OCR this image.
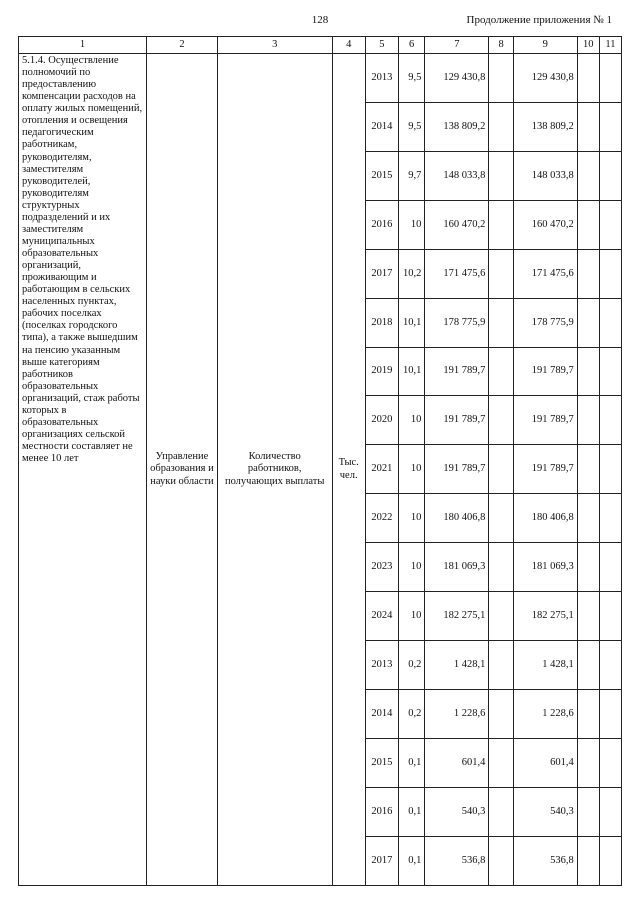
128	Продолжение приложения № 1
1	2	3	4	5	6	7	8	9	10	11
5.1.4. Осуществление полномочий по предоставлению компенсации расходов на оплату жилых помещений, отопления и освещения педагогическим работникам, руководителям, заместителям руководителей, руководителям структурных подразделений и их заместителям муниципальных образовательных организаций, проживающим и работающим в сельских населенных пунктах, рабочих поселках (поселках городского типа), а также вышедшим на пенсию указанным выше категориям работников образовательных организаций, стаж работы которых в образовательных организациях сельской местности составляет не менее 10 лет	Управление образования и науки области	Количество работников, получающих выплаты	Тыс. чел.	2013	9,5	129 430,8		129 430,8		
				2014	9,5	138 809,2		138 809,2		
				2015	9,7	148 033,8		148 033,8		
				2016	10	160 470,2		160 470,2		
				2017	10,2	171 475,6		171 475,6		
				2018	10,1	178 775,9		178 775,9		
				2019	10,1	191 789,7		191 789,7		
				2020	10	191 789,7		191 789,7		
				2021	10	191 789,7		191 789,7		
				2022	10	180 406,8		180 406,8		
				2023	10	181 069,3		181 069,3		
				2024	10	182 275,1		182 275,1		
				2013	0,2	1 428,1		1 428,1		
				2014	0,2	1 228,6		1 228,6		
				2015	0,1	601,4		601,4		
				2016	0,1	540,3		540,3		
				2017	0,1	536,8		536,8		
